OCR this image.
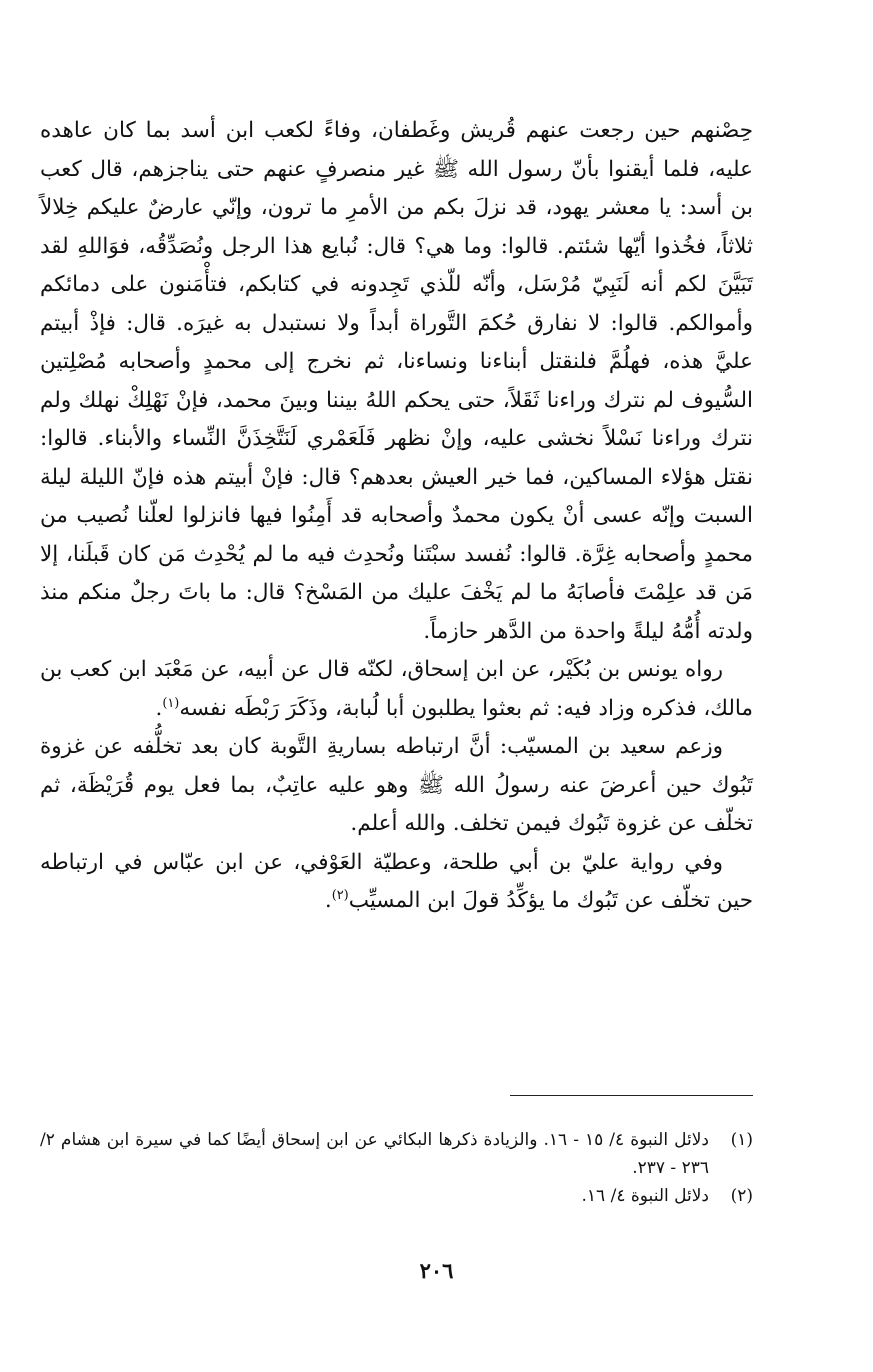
حِصْنهم حين رجعت عنهم قُريش وغَطفان، وفاءً لكعب ابن أسد بما كان عاهده عليه، فلما أيقنوا بأنّ رسول الله ﷺ غير منصرفٍ عنهم حتى يناجزهم، قال كعب بن أسد: يا معشر يهود، قد نزلَ بكم من الأمرِ ما ترون، وإنّي عارضٌ عليكم خِلالاً ثلاثاً، فخُذوا أيّها شئتم. قالوا: وما هي؟ قال: نُبايع هذا الرجل ونُصَدِّقُه، فوَاللهِ لقد تَبَيَّنَ لكم أنه لَنَبِيّ مُرْسَل، وأنّه للّذي تَجِدونه في كتابكم، فتأْمَنون على دمائكم وأموالكم. قالوا: لا نفارق حُكمَ التَّوراة أبداً ولا نستبدل به غيرَه. قال: فإذْ أبيتم عليَّ هذه، فهلُمَّ فلنقتل أبناءنا ونساءنا، ثم نخرج إلى محمدٍ وأصحابه مُصْلِتين السُّيوف لم نترك وراءنا ثَقَلاً، حتى يحكم اللهُ بيننا وبينَ محمد، فإنْ نَهْلِكْ نهلك ولم نترك وراءنا نَسْلاً نخشى عليه، وإنْ نظهر فَلَعَمْري لَنَتَّخِذَنَّ النِّساء والأبناء. قالوا: نقتل هؤلاء المساكين، فما خير العيش بعدهم؟ قال: فإنْ أبيتم هذه فإنّ الليلة ليلة السبت وإنّه عسى أنْ يكون محمدٌ وأصحابه قد أَمِنُوا فيها فانزلوا لعلّنا نُصيب من محمدٍ وأصحابه غِرَّة. قالوا: نُفسد سبْتَنا ونُحدِث فيه ما لم يُحْدِث مَن كان قَبلَنا، إلا مَن قد علِمْتَ فأصابَهُ ما لم يَخْفَ عليك من المَسْخ؟ قال: ما باتَ رجلٌ منكم منذ ولدته أُمُّهُ ليلةً واحدة من الدَّهر حازماً.

رواه يونس بن بُكَيْر، عن ابن إسحاق، لكنّه قال عن أبيه، عن مَعْبَد ابن كعب بن مالك، فذكره وزاد فيه: ثم بعثوا يطلبون أبا لُبابة، وذَكَرَ رَبْطَه نفسه$^{(١)}$.

وزعم سعيد بن المسيّب: أنَّ ارتباطه بساريةِ التَّوبة كان بعد تخلُّفه عن غزوة تَبُوك حين أعرضَ عنه رسولُ الله ﷺ وهو عليه عاتِبٌ، بما فعل يوم قُرَيْظَة، ثم تخلّف عن غزوة تَبُوك فيمن تخلف. والله أعلم.

وفي رواية عليّ بن أبي طلحة، وعطيّة العَوْفي، عن ابن عبّاس في ارتباطه حين تخلّف عن تَبُوك ما يؤكِّدُ قولَ ابن المسيِّب$^{(٢)}$.

(١)
دلائل النبوة ٤/ ١٥ - ١٦. والزيادة ذكرها البكائي عن ابن إسحاق أيضًا كما في سيرة ابن هشام ٢/ ٢٣٦ - ٢٣٧.

(٢)
دلائل النبوة ٤/ ١٦.

٢٠٦
